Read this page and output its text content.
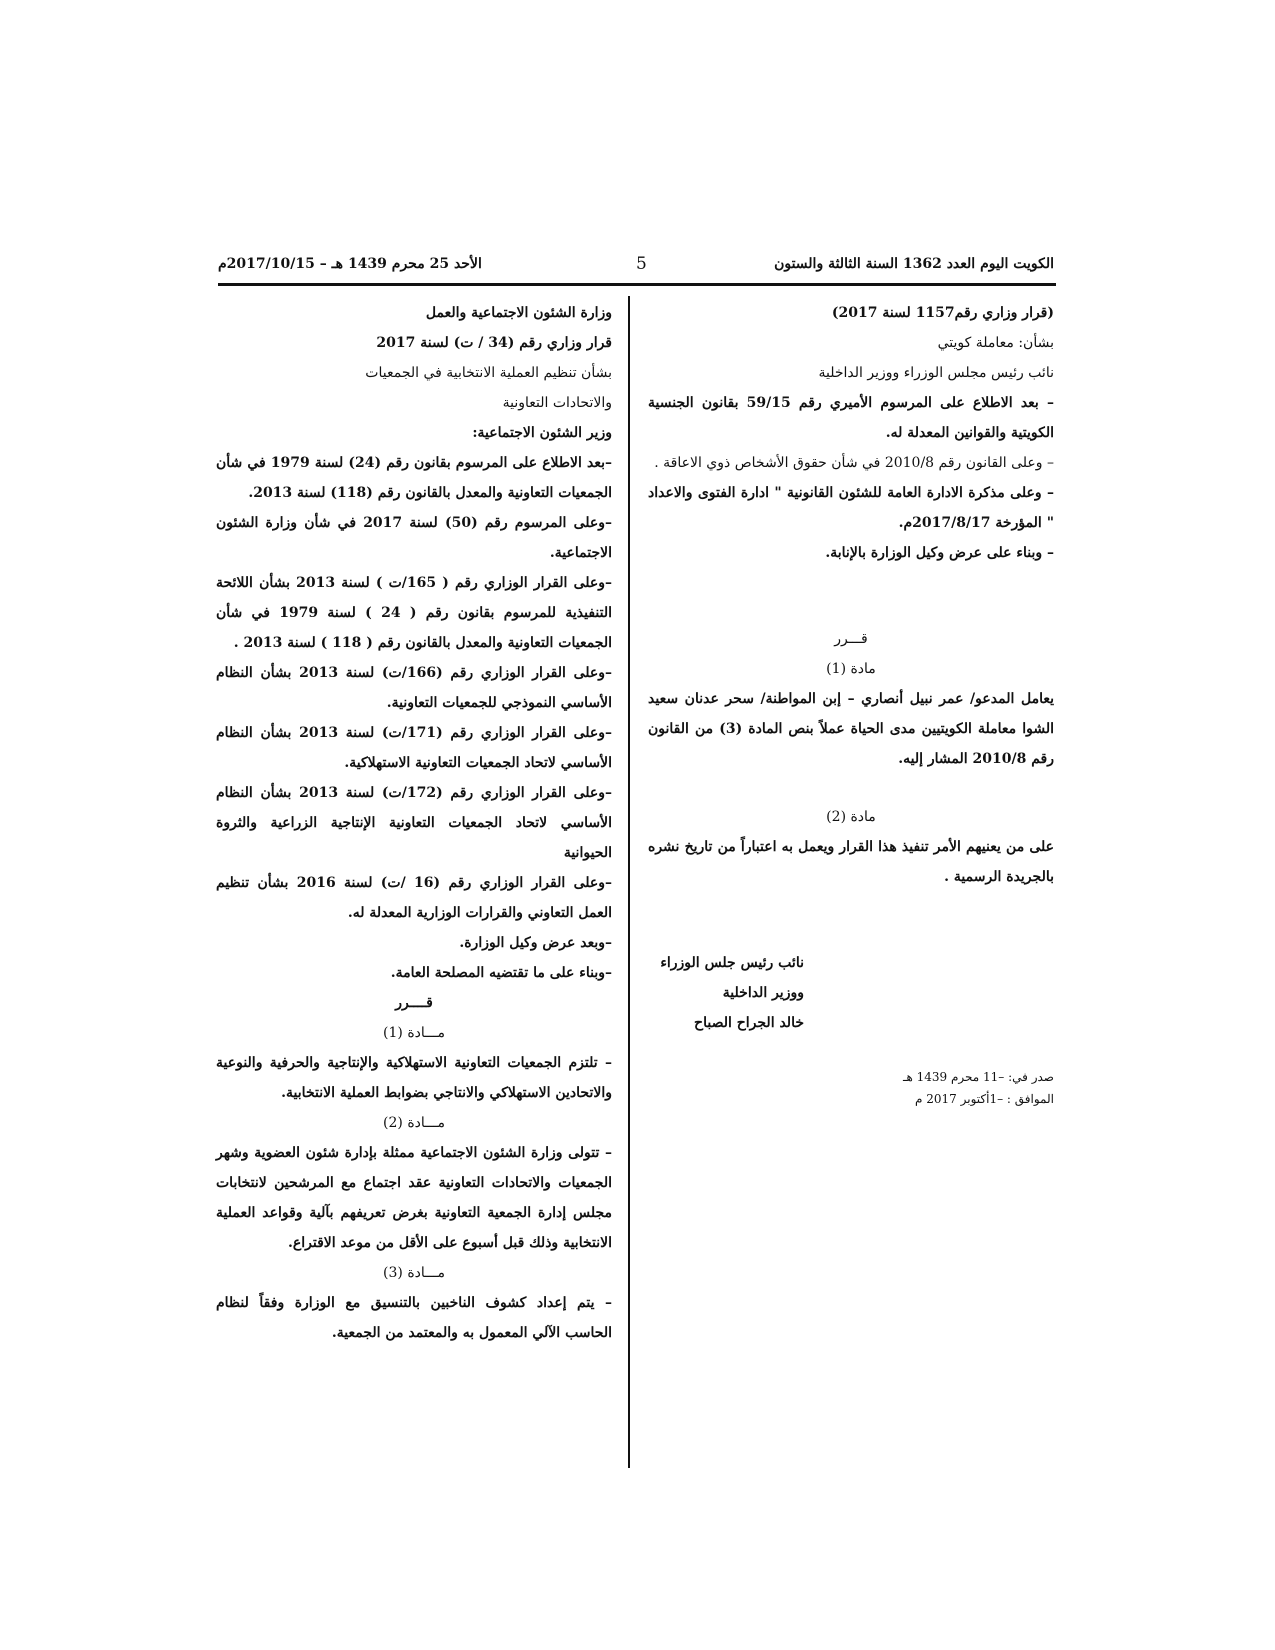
الكويت اليوم العدد 1362 السنة الثالثة والستون
5
الأحد 25 محرم 1439 هـ – 2017/10/15م

(قرار وزاري رقم1157 لسنة 2017)

بشأن: معاملة كويتي

نائب رئيس مجلس الوزراء ووزير الداخلية

– بعد الاطلاع على المرسوم الأميري رقم 59/15 بقانون الجنسية الكويتية والقوانين المعدلة له.

– وعلى القانون رقم 2010/8 في شأن حقوق الأشخاص ذوي الاعاقة .

– وعلى مذكرة الادارة العامة للشئون القانونية " ادارة الفتوى والاعداد " المؤرخة 2017/8/17م.

– وبناء على عرض وكيل الوزارة بالإنابة.

قـــرر

مادة (1)

يعامل المدعو/ عمر نبيل أنصاري – إبن المواطنة/ سحر عدنان سعيد الشوا معاملة الكويتيين مدى الحياة عملاً بنص المادة (3) من القانون رقم 2010/8 المشار إليه.

مادة (2)

على من يعنيهم الأمر تنفيذ هذا القرار ويعمل به اعتباراً من تاريخ نشره بالجريدة الرسمية .

نائب رئيس جلس الوزراء

ووزير الداخلية

خالد الجراح الصباح

صدر في: –11 محرم 1439 هـ

الموافق : –1أكتوبر 2017 م

وزارة الشئون الاجتماعية والعمل

قرار وزاري رقم (34 / ت) لسنة 2017

بشأن تنظيم العملية الانتخابية في الجمعيات

والاتحادات التعاونية

وزير الشئون الاجتماعية:

–بعد الاطلاع على المرسوم بقانون رقم (24) لسنة 1979 في شأن الجمعيات التعاونية والمعدل بالقانون رقم (118) لسنة 2013.

–وعلى المرسوم رقم (50) لسنة 2017 في شأن وزارة الشئون الاجتماعية.

–وعلى القرار الوزاري رقم ( 165/ت ) لسنة 2013 بشأن اللائحة التنفيذية للمرسوم بقانون رقم ( 24 ) لسنة 1979 في شأن الجمعيات التعاونية والمعدل بالقانون رقم ( 118 ) لسنة 2013 .

–وعلى القرار الوزاري رقم (166/ت) لسنة 2013 بشأن النظام الأساسي النموذجي للجمعيات التعاونية.

–وعلى القرار الوزاري رقم (171/ت) لسنة 2013 بشأن النظام الأساسي لاتحاد الجمعيات التعاونية الاستهلاكية.

–وعلى القرار الوزاري رقم (172/ت) لسنة 2013 بشأن النظام الأساسي لاتحاد الجمعيات التعاونية الإنتاجية الزراعية والثروة الحيوانية

–وعلى القرار الوزاري رقم (16 /ت) لسنة 2016 بشأن تنظيم العمل التعاوني والقرارات الوزارية المعدلة له.

–وبعد عرض وكيل الوزارة.

–وبناء على ما تقتضيه المصلحة العامة.

قــــرر

مـــادة (1)

– تلتزم الجمعيات التعاونية الاستهلاكية والإنتاجية والحرفية والنوعية والاتحادين الاستهلاكي والانتاجي بضوابط العملية الانتخابية.

مـــادة (2)

– تتولى وزارة الشئون الاجتماعية ممثلة بإدارة شئون العضوية وشهر الجمعيات والاتحادات التعاونية عقد اجتماع مع المرشحين لانتخابات مجلس إدارة الجمعية التعاونية بغرض تعريفهم بآلية وقواعد العملية الانتخابية وذلك قبل أسبوع على الأقل من موعد الاقتراع.

مـــادة (3)

– يتم إعداد كشوف الناخبين بالتنسيق مع الوزارة وفقاً لنظام الحاسب الآلي المعمول به والمعتمد من الجمعية.
